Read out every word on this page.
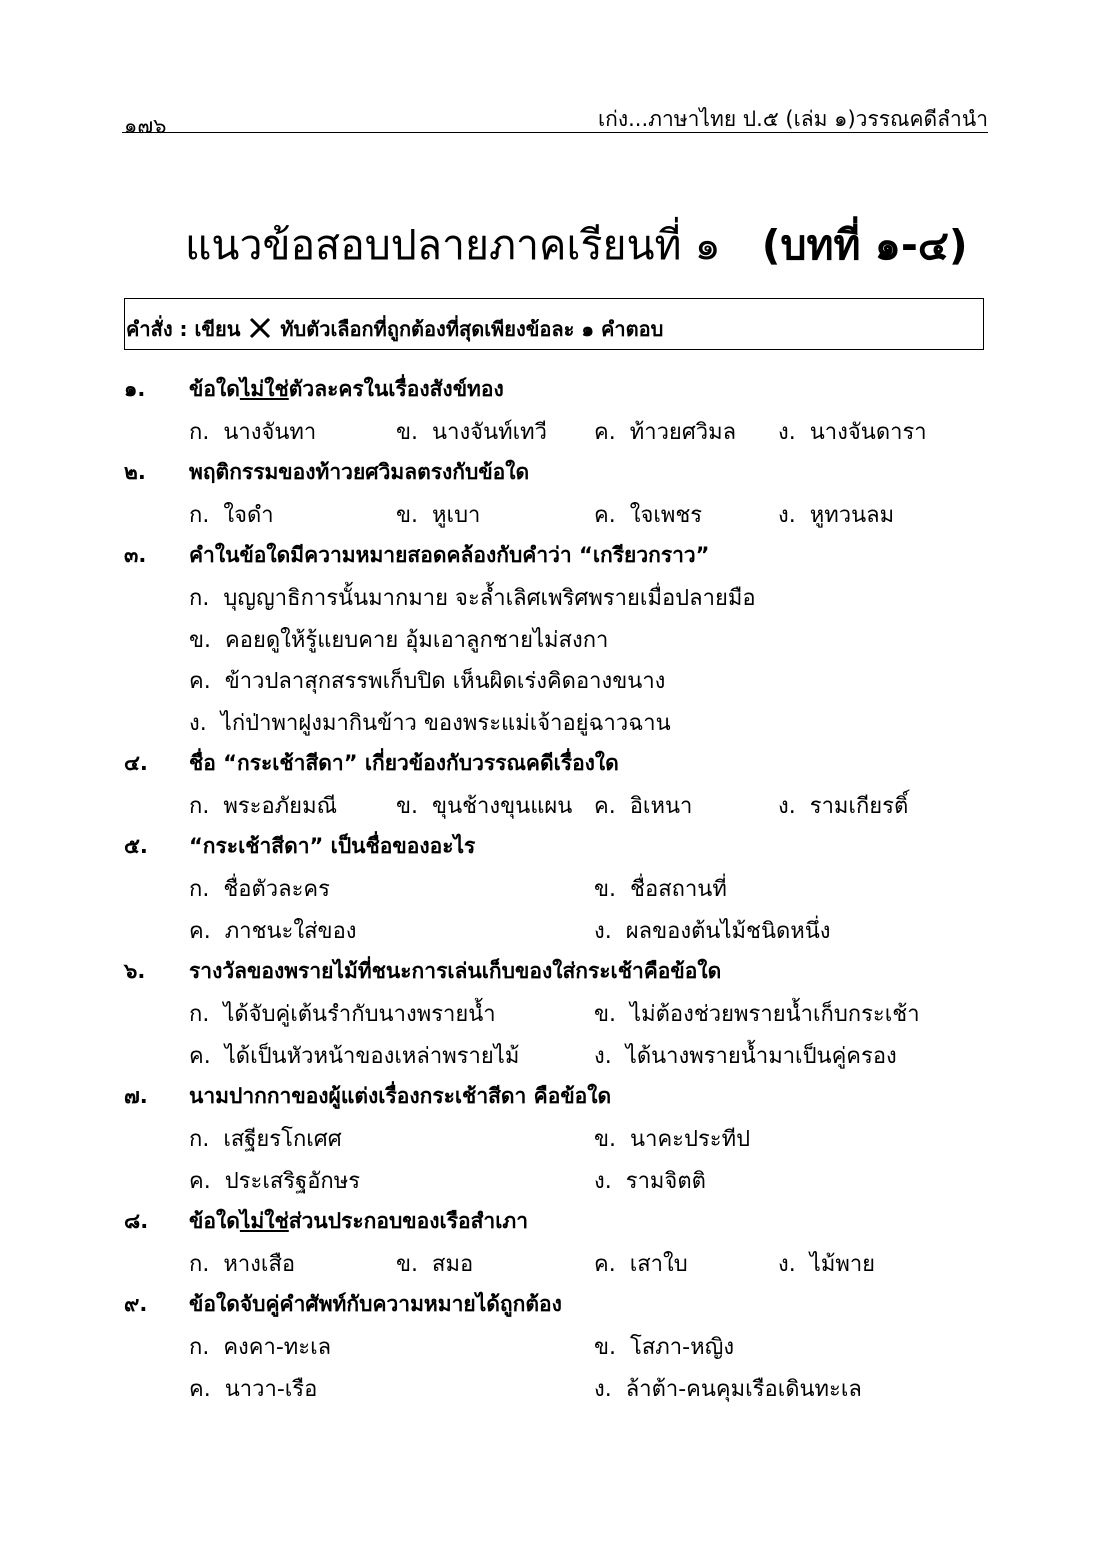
๑๗๖	เก่ง...ภาษาไทย ป.๕ (เล่ม ๑)วรรณคดีลำนำ
แนวข้อสอบปลายภาคเรียนที่ ๑ (บทที่ ๑-๔)
คำสั่ง : เขียน ทับตัวเลือกที่ถูกต้องที่สุดเพียงข้อละ ๑ คำตอบ
๑. ข้อใดไม่ใช่ตัวละครในเรื่องสังข์ทอง
ก. นางจันทา	ข. นางจันท์เทวี ค. ท้าวยศวิมล ง. นางจันดารา
๒. พฤติกรรมของท้าวยศวิมลตรงกับข้อใด
ก. ใจดำ	ข. หูเบา	ค. ใจเพชร	ง. หูทวนลม
๓. คำในข้อใดมีความหมายสอดคล้องกับคำว่า “เกรียวกราว”
ก. บุญญาธิการนั้นมากมาย จะล้ำเลิศเพริศพรายเมื่อปลายมือ
ข. คอยดูให้รู้แยบคาย อุ้มเอาลูกชายไม่สงกา
ค. ข้าวปลาสุกสรรพเก็บปิด เห็นผิดเร่งคิดอางขนาง
ง. ไก่ป่าพาฝูงมากินข้าว ของพระแม่เจ้าอยู่ฉาวฉาน
๔. ชื่อ “กระเช้าสีดา” เกี่ยวข้องกับวรรณคดีเรื่องใด
ก. พระอภัยมณี	ข. ขุนช้างขุนแผน ค. อิเหนา	ง. รามเกียรติ์
๕. “กระเช้าสีดา” เป็นชื่อของอะไร
ก. ชื่อตัวละคร	ข. ชื่อสถานที่
ค. ภาชนะใส่ของ	ง. ผลของต้นไม้ชนิดหนึ่ง
๖. รางวัลของพรายไม้ที่ชนะการเล่นเก็บของใส่กระเช้าคือข้อใด
ก. ได้จับคู่เต้นรำกับนางพรายน้ำ	ข. ไม่ต้องช่วยพรายน้ำเก็บกระเช้า
ค. ได้เป็นหัวหน้าของเหล่าพรายไม้	ง. ได้นางพรายน้ำมาเป็นคู่ครอง
๗. นามปากกาของผู้แต่งเรื่องกระเช้าสีดา คือข้อใด
ก. เสฐียรโกเศศ	ข. นาคะประทีป
ค. ประเสริฐอักษร	ง. รามจิตติ
๘. ข้อใดไม่ใช่ส่วนประกอบของเรือสำเภา
ก. หางเสือ	ข. สมอ	ค. เสาใบ	ง. ไม้พาย
๙. ข้อใดจับคู่คำศัพท์กับความหมายได้ถูกต้อง
ก. คงคา-ทะเล	ข. โสภา-หญิง
ค. นาวา-เรือ	ง. ล้าต้า-คนคุมเรือเดินทะเล
